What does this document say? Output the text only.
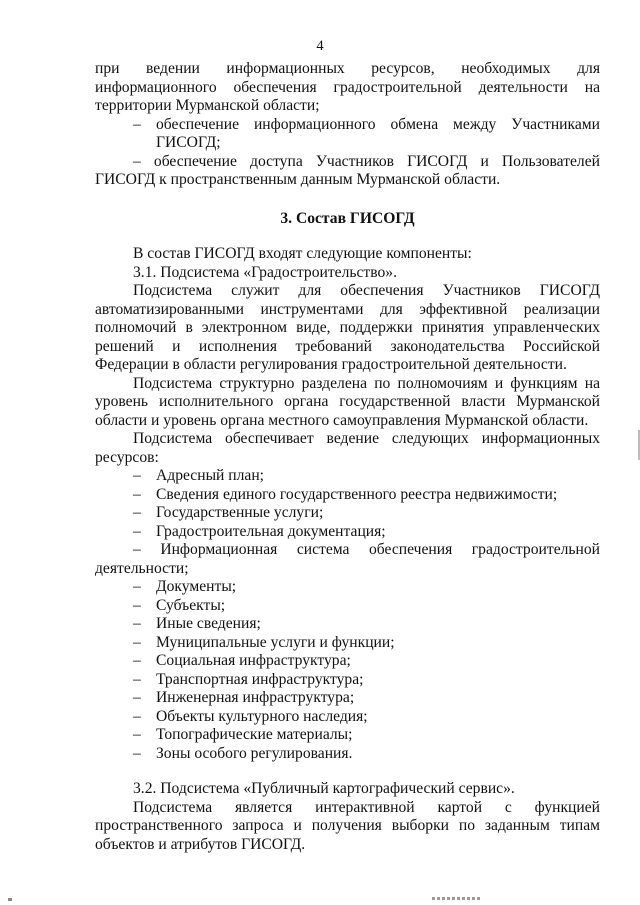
4

при ведении информационных ресурсов, необходимых для информационного обеспечения градостроительной деятельности на территории Мурманской области;

– обеспечение информационного обмена между Участниками ГИСОГД;

– обеспечение доступа Участников ГИСОГД и Пользователей ГИСОГД к пространственным данным Мурманской области.

3. Состав ГИСОГД

В состав ГИСОГД входят следующие компоненты:

3.1. Подсистема «Градостроительство».

Подсистема служит для обеспечения Участников ГИСОГД автоматизированными инструментами для эффективной реализации полномочий в электронном виде, поддержки принятия управленческих решений и исполнения требований законодательства Российской Федерации в области регулирования градостроительной деятельности.

Подсистема структурно разделена по полномочиям и функциям на уровень исполнительного органа государственной власти Мурманской области и уровень органа местного самоуправления Мурманской области.

Подсистема обеспечивает ведение следующих информационных ресурсов:

– Адресный план;
– Сведения единого государственного реестра недвижимости;
– Государственные услуги;
– Градостроительная документация;

– Информационная система обеспечения градостроительной деятельности;

– Документы;
– Субъекты;
– Иные сведения;
– Муниципальные услуги и функции;
– Социальная инфраструктура;
– Транспортная инфраструктура;
– Инженерная инфраструктура;
– Объекты культурного наследия;
– Топографические материалы;
– Зоны особого регулирования.

3.2. Подсистема «Публичный картографический сервис».

Подсистема является интерактивной картой с функцией пространственного запроса и получения выборки по заданным типам объектов и атрибутов ГИСОГД.
